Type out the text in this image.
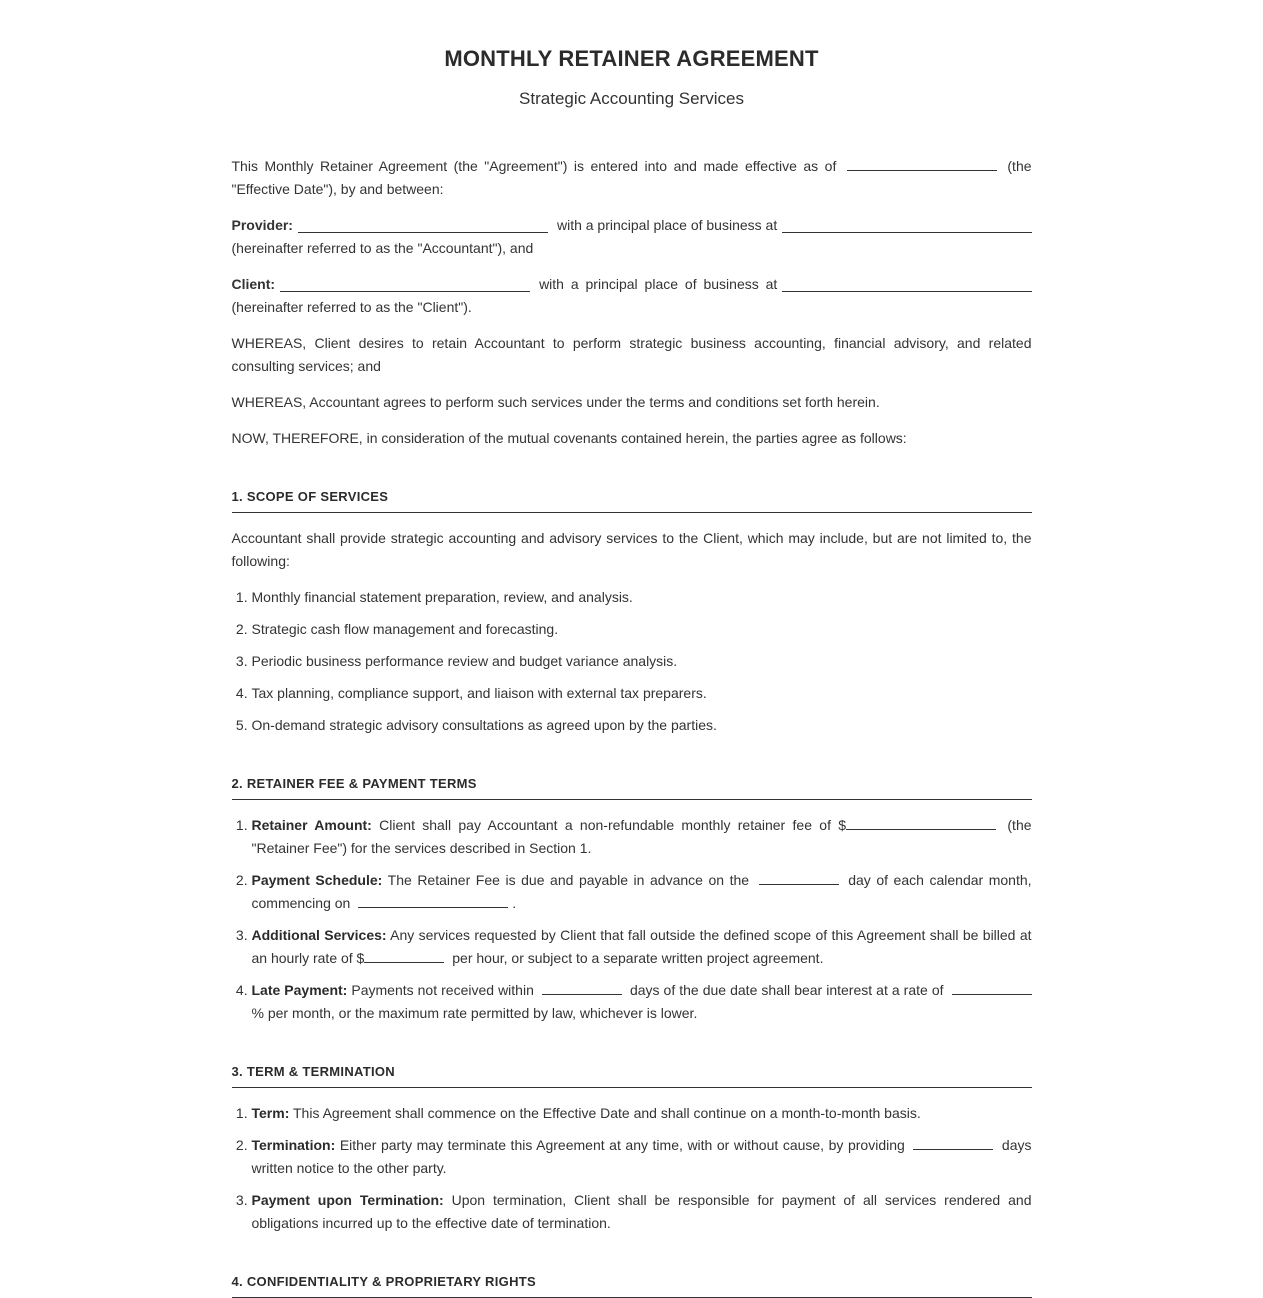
MONTHLY RETAINER AGREEMENT
Strategic Accounting Services

This Monthly Retainer Agreement (the "Agreement") is entered into and made effective as of	(the "Effective Date"), by and between:

Provider:	with a principal place of business at

(hereinafter referred to as the "Accountant"), and

Client:	with a principal place of business at

(hereinafter referred to as the "Client").

WHEREAS, Client desires to retain Accountant to perform strategic business accounting, financial advisory, and related consulting services; and

WHEREAS, Accountant agrees to perform such services under the terms and conditions set forth herein.

NOW, THEREFORE, in consideration of the mutual covenants contained herein, the parties agree as follows:

1. SCOPE OF SERVICES

Accountant shall provide strategic accounting and advisory services to the Client, which may include, but are not limited to, the following:

1. Monthly financial statement preparation, review, and analysis.
2. Strategic cash flow management and forecasting.
3. Periodic business performance review and budget variance analysis.
4. Tax planning, compliance support, and liaison with external tax preparers.
5. On-demand strategic advisory consultations as agreed upon by the parties.
2. RETAINER FEE & PAYMENT TERMS
1. Retainer Amount: Client shall pay Accountant a non-refundable monthly retainer fee of $	(the "Retainer Fee") for the services described in Section 1.
2. Payment Schedule: The Retainer Fee is due and payable in advance on the	day of each calendar month, commencing on	.
3. Additional Services: Any services requested by Client that fall outside the defined scope of this Agreement shall be billed at an hourly rate of $	per hour, or subject to a separate written project agreement.
4. Late Payment: Payments not received within	days of the due date shall bear interest at a rate of % per month, or the maximum rate permitted by law, whichever is lower.
3. TERM & TERMINATION
1. Term: This Agreement shall commence on the Effective Date and shall continue on a month-to-month basis.
2. Termination: Either party may terminate this Agreement at any time, with or without cause, by providing	days written notice to the other party.
3. Payment upon Termination: Upon termination, Client shall be responsible for payment of all services rendered and obligations incurred up to the effective date of termination.
4. CONFIDENTIALITY & PROPRIETARY RIGHTS
